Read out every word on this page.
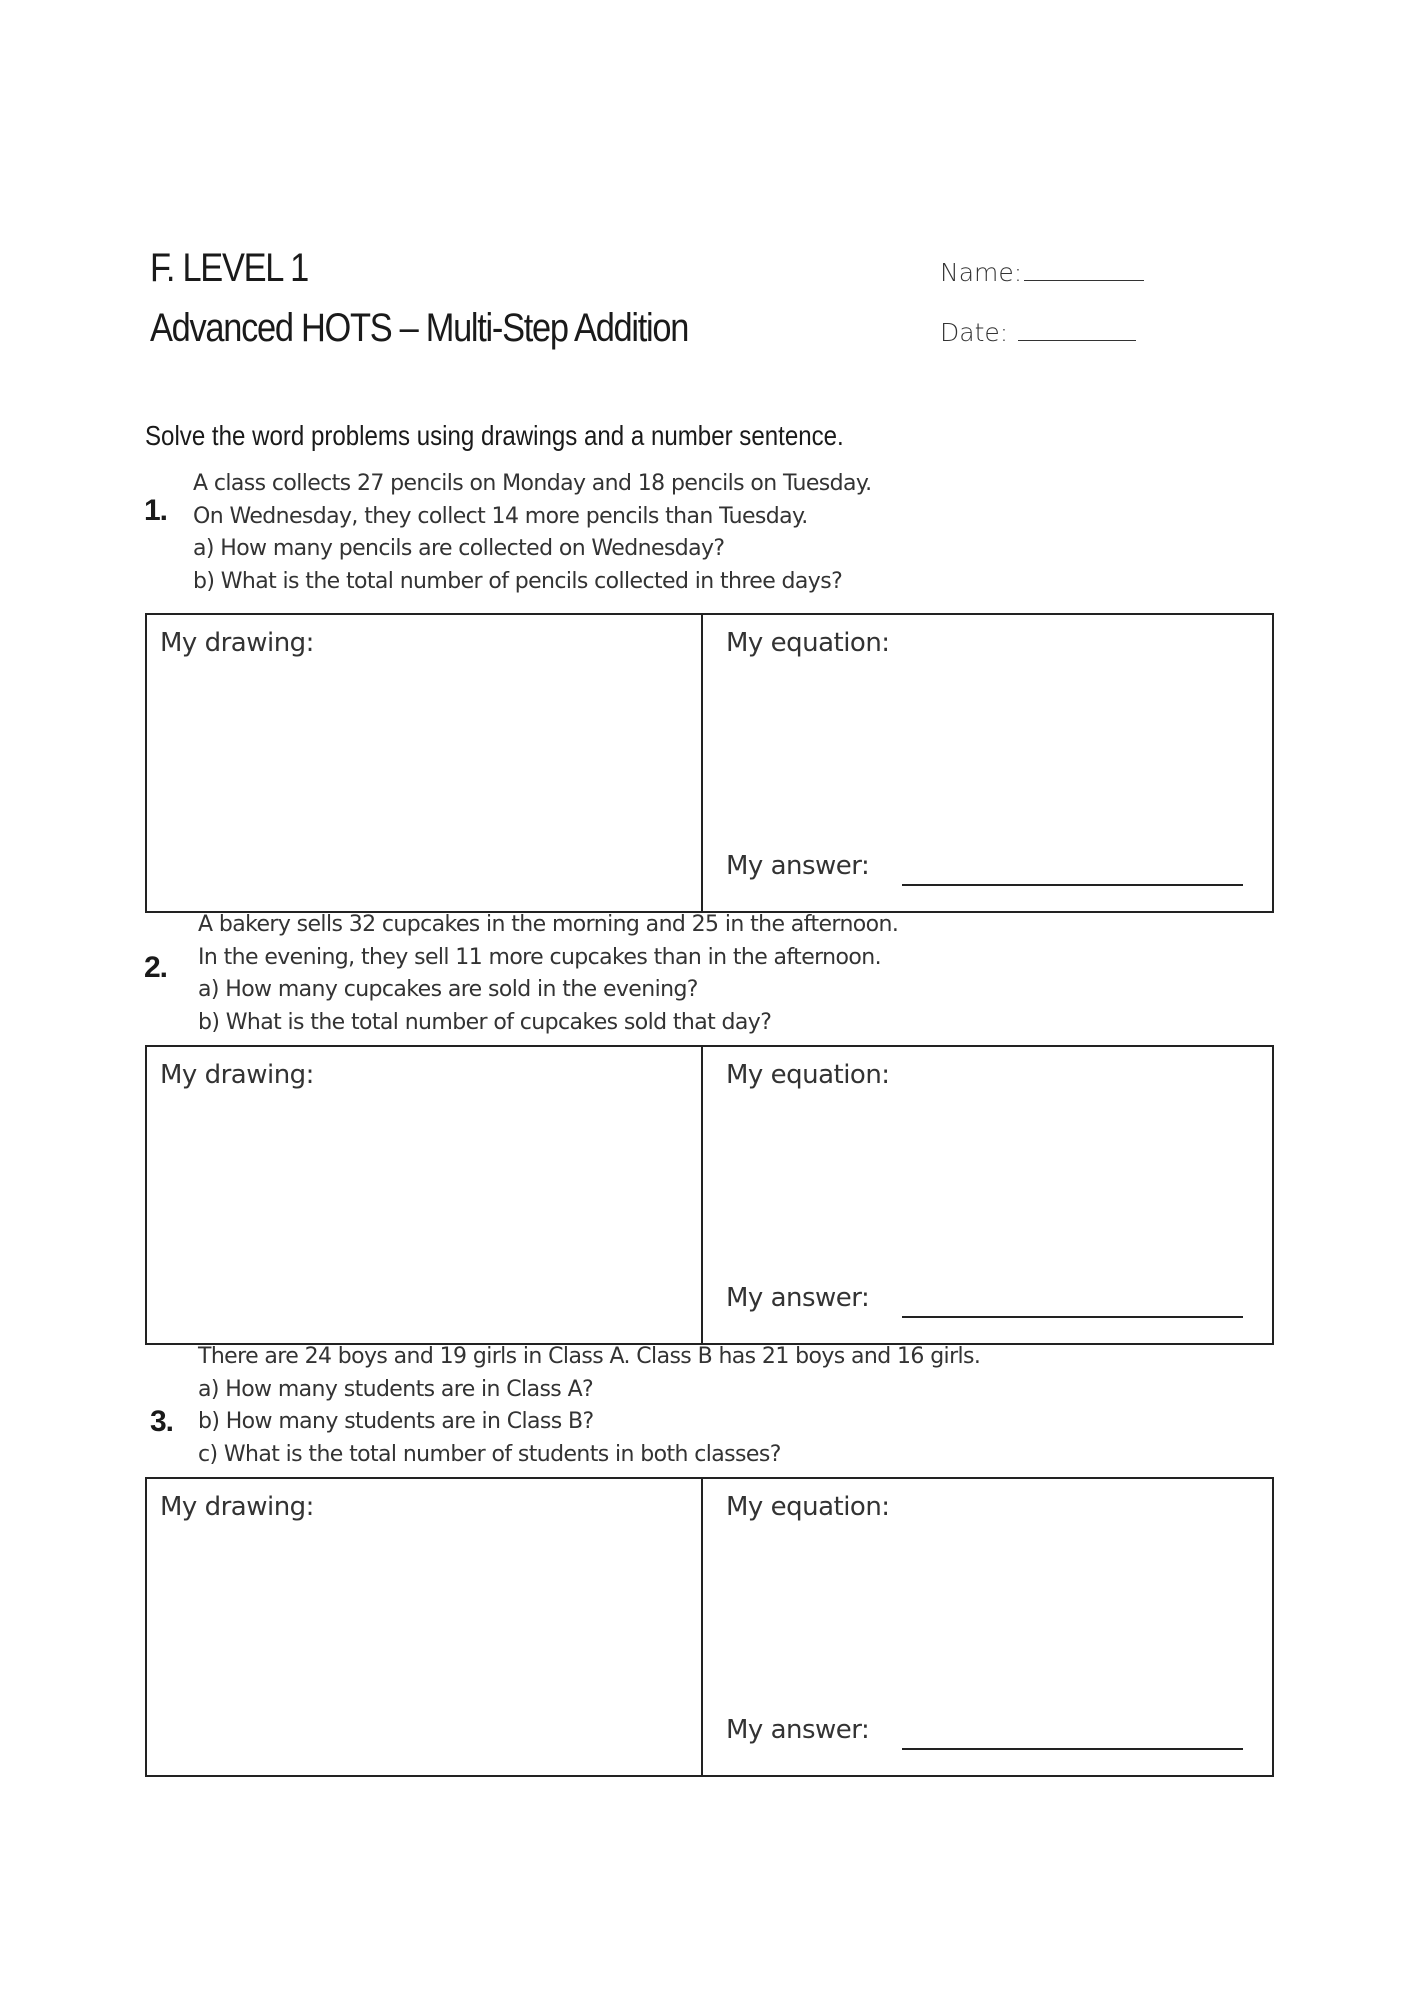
F. LEVEL 1
Advanced HOTS – Multi-Step Addition
Name:
Date:
Solve the word problems using drawings and a number sentence.
1.
A class collects 27 pencils on Monday and 18 pencils on Tuesday.
On Wednesday, they collect 14 more pencils than Tuesday.
a) How many pencils are collected on Wednesday?
b) What is the total number of pencils collected in three days?
My drawing:	My equation:
My answer:
2.
A bakery sells 32 cupcakes in the morning and 25 in the afternoon.
In the evening, they sell 11 more cupcakes than in the afternoon.
a) How many cupcakes are sold in the evening?
b) What is the total number of cupcakes sold that day?
My drawing:	My equation:
My answer:
3.
There are 24 boys and 19 girls in Class A. Class B has 21 boys and 16 girls.
a) How many students are in Class A?
b) How many students are in Class B?
c) What is the total number of students in both classes?
My drawing:	My equation:
My answer:
